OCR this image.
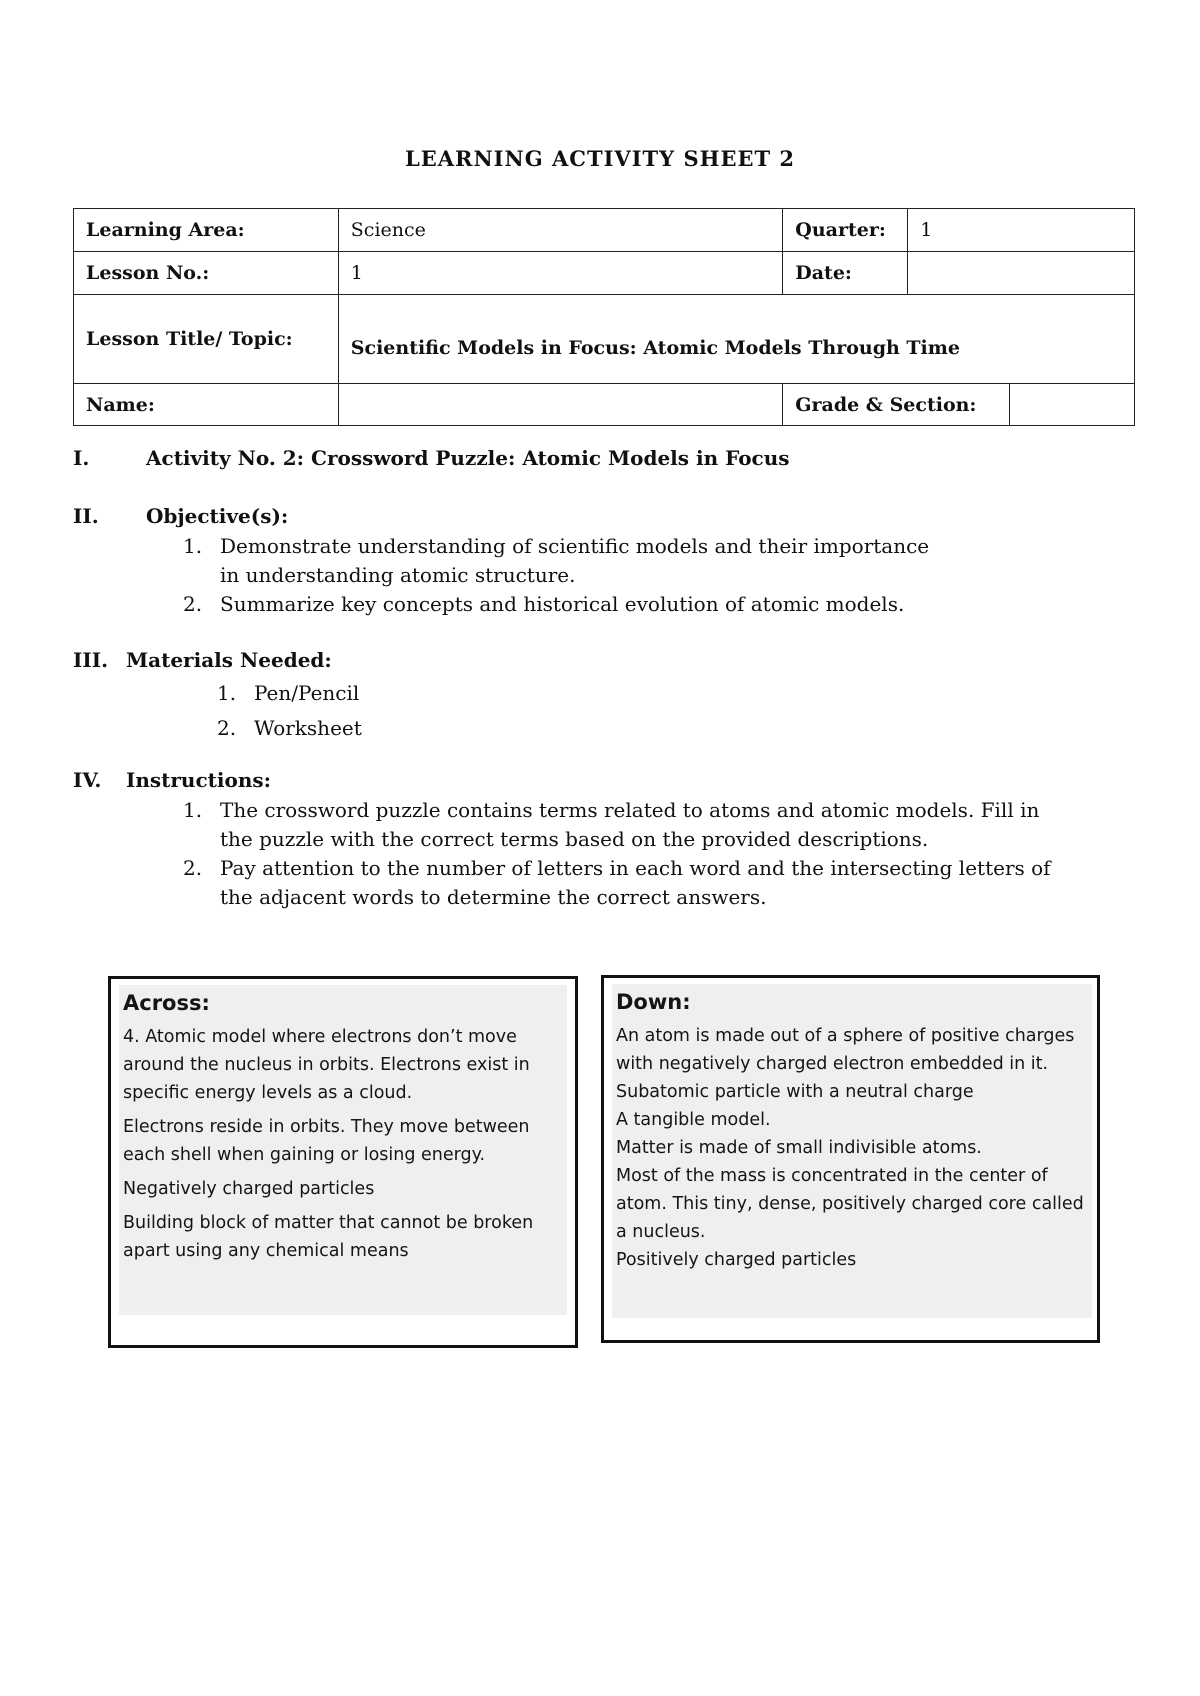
LEARNING ACTIVITY SHEET 2
Learning Area:	Science	Quarter:	1	
Lesson No.:	1	Date:		
Lesson Title/ Topic:	Scientific Models in Focus: Atomic Models Through Time			
Name:		Grade & Section:		
I.	Activity No. 2: Crossword Puzzle: Atomic Models in Focus
II. Objective(s):
1. Demonstrate understanding of scientific models and their importance
in understanding atomic structure.
2. Summarize key concepts and historical evolution of atomic models.
III. Materials Needed:
1. Pen/Pencil
2. Worksheet
IV. Instructions:
1. The crossword puzzle contains terms related to atoms and atomic models. Fill in
the puzzle with the correct terms based on the provided descriptions.
2. Pay attention to the number of letters in each word and the intersecting letters of
the adjacent words to determine the correct answers.
Across:
4. Atomic model where electrons don’t move around the nucleus in orbits. Electrons exist in specific energy levels as a cloud.
Electrons reside in orbits. They move between each shell when gaining or losing energy.
Negatively charged particles
Building block of matter that cannot be broken apart using any chemical means
Down:
An atom is made out of a sphere of positive charges with negatively charged electron embedded in it.
Subatomic particle with a neutral charge
A tangible model.
Matter is made of small indivisible atoms.
Most of the mass is concentrated in the center of atom. This tiny, dense, positively charged core called a nucleus.
Positively charged particles
